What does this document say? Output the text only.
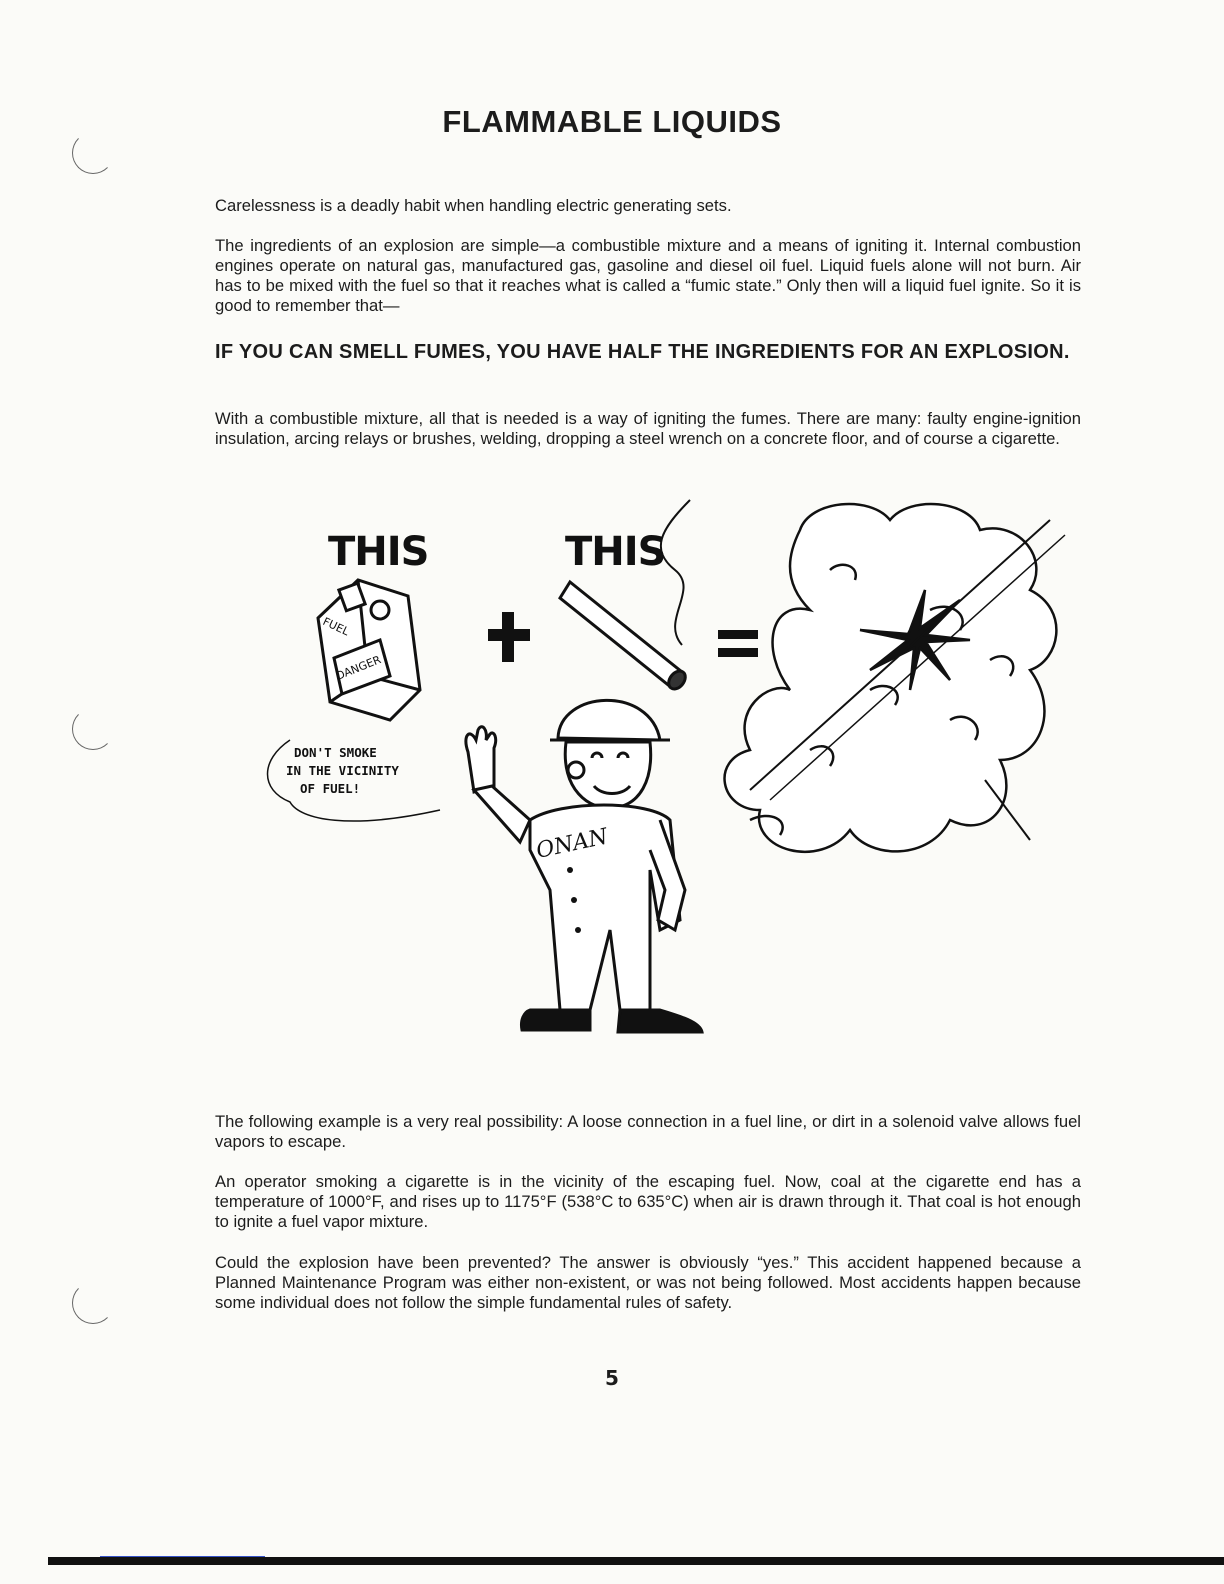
FLAMMABLE LIQUIDS

Carelessness is a deadly habit when handling electric generating sets.

The ingredients of an explosion are simple—a combustible mixture and a means of igniting it. Internal combustion engines operate on natural gas, manufactured gas, gasoline and diesel oil fuel. Liquid fuels alone will not burn. Air has to be mixed with the fuel so that it reaches what is called a “fumic state.” Only then will a liquid fuel ignite. So it is good to remember that—

IF YOU CAN SMELL FUMES, YOU HAVE HALF THE INGREDIENTS FOR AN EXPLOSION.

With a combustible mixture, all that is needed is a way of igniting the fumes. There are many: faulty engine-ignition insulation, arcing relays or brushes, welding, dropping a steel wrench on a concrete floor, and of course a cigarette.

THIS	THIS
FUEL
DANGER
DON'T SMOKE
IN THE VICINITY
OF FUEL!
ONAN

The following example is a very real possibility: A loose connection in a fuel line, or dirt in a solenoid valve allows fuel vapors to escape.

An operator smoking a cigarette is in the vicinity of the escaping fuel. Now, coal at the cigarette end has a temperature of 1000°F, and rises up to 1175°F (538°C to 635°C) when air is drawn through it. That coal is hot enough to ignite a fuel vapor mixture.

Could the explosion have been prevented? The answer is obviously “yes.” This accident happened because a Planned Maintenance Program was either non-existent, or was not being followed. Most accidents happen because some individual does not follow the simple fundamental rules of safety.

5
